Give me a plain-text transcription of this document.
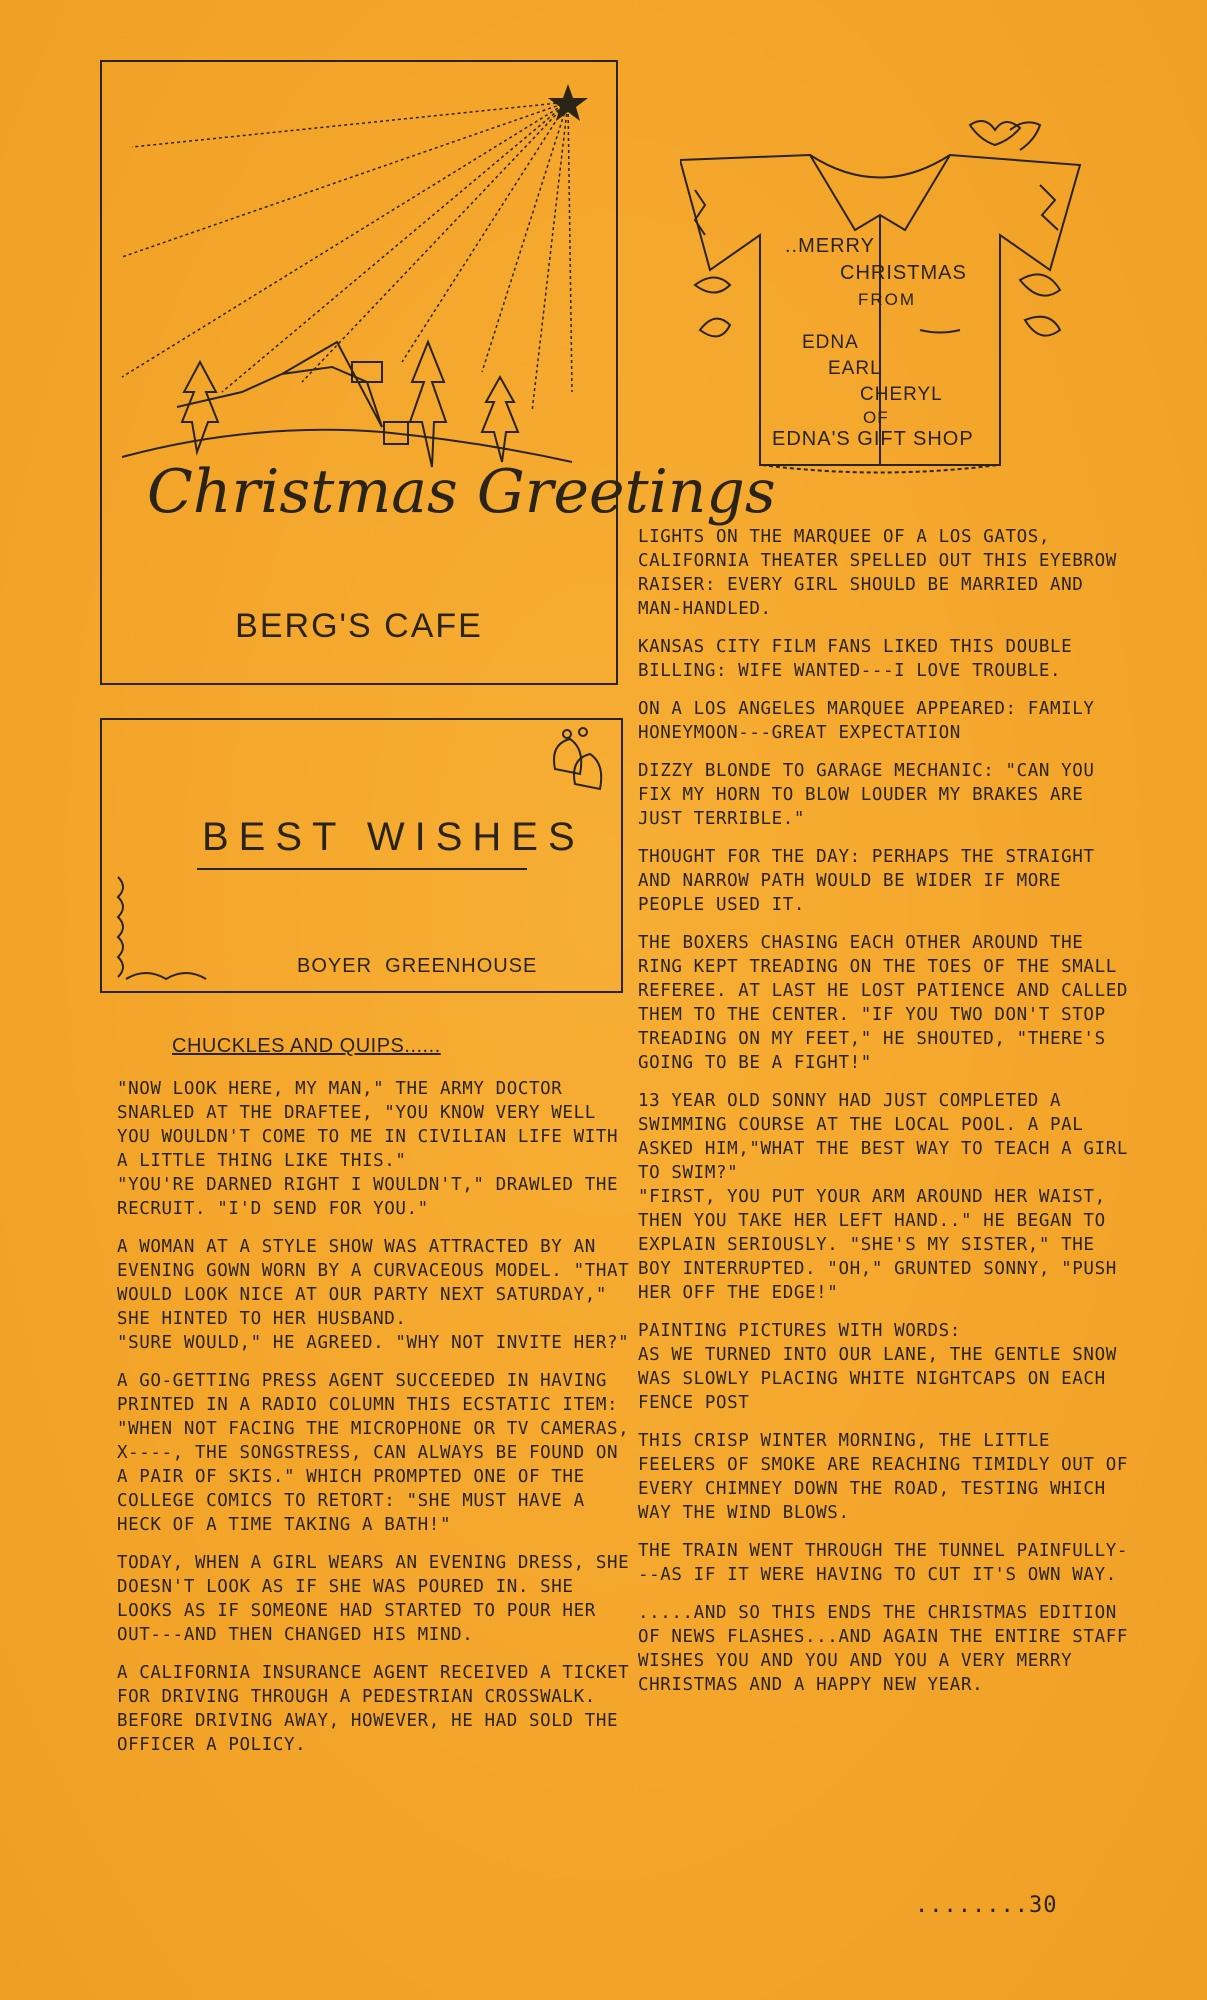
Christmas Greetings
BERG'S CAFE
..MERRY
CHRISTMAS
FROM
EDNA
EARL
CHERYL
OF
EDNA'S GIFT SHOP
BEST WISHES
BOYER  GREENHOUSE
CHUCKLES AND QUIPS......

"NOW LOOK HERE, MY MAN," THE ARMY DOCTOR SNARLED AT THE DRAFTEE, "YOU KNOW VERY WELL YOU WOULDN'T COME TO ME IN CIVILIAN LIFE WITH A LITTLE THING LIKE THIS."

"YOU'RE DARNED RIGHT I WOULDN'T," DRAWLED THE RECRUIT. "I'D SEND FOR YOU."

A WOMAN AT A STYLE SHOW WAS ATTRACTED BY AN EVENING GOWN WORN BY A CURVACEOUS MODEL. "THAT WOULD LOOK NICE AT OUR PARTY NEXT SATURDAY," SHE HINTED TO HER HUSBAND.

"SURE WOULD," HE AGREED. "WHY NOT INVITE HER?"

A GO-GETTING PRESS AGENT SUCCEEDED IN HAVING PRINTED IN A RADIO COLUMN THIS ECSTATIC ITEM: "WHEN NOT FACING THE MICROPHONE OR TV CAMERAS, X----, THE SONGSTRESS, CAN ALWAYS BE FOUND ON A PAIR OF SKIS." WHICH PROMPTED ONE OF THE COLLEGE COMICS TO RETORT: "SHE MUST HAVE A HECK OF A TIME TAKING A BATH!"

TODAY, WHEN A GIRL WEARS AN EVENING DRESS, SHE DOESN'T LOOK AS IF SHE WAS POURED IN. SHE LOOKS AS IF SOMEONE HAD STARTED TO POUR HER OUT---AND THEN CHANGED HIS MIND.

A CALIFORNIA INSURANCE AGENT RECEIVED A TICKET FOR DRIVING THROUGH A PEDESTRIAN CROSSWALK. BEFORE DRIVING AWAY, HOWEVER, HE HAD SOLD THE OFFICER A POLICY.

LIGHTS ON THE MARQUEE OF A LOS GATOS, CALIFORNIA THEATER SPELLED OUT THIS EYEBROW RAISER: EVERY GIRL SHOULD BE MARRIED AND MAN-HANDLED.

KANSAS CITY FILM FANS LIKED THIS DOUBLE BILLING: WIFE WANTED---I LOVE TROUBLE.

ON A LOS ANGELES MARQUEE APPEARED: FAMILY HONEYMOON---GREAT EXPECTATION

DIZZY BLONDE TO GARAGE MECHANIC: "CAN YOU FIX MY HORN TO BLOW LOUDER MY BRAKES ARE JUST TERRIBLE."

THOUGHT FOR THE DAY: PERHAPS THE STRAIGHT AND NARROW PATH WOULD BE WIDER IF MORE PEOPLE USED IT.

THE BOXERS CHASING EACH OTHER AROUND THE RING KEPT TREADING ON THE TOES OF THE SMALL REFEREE. AT LAST HE LOST PATIENCE AND CALLED THEM TO THE CENTER. "IF YOU TWO DON'T STOP TREADING ON MY FEET," HE SHOUTED, "THERE'S GOING TO BE A FIGHT!"

13 YEAR OLD SONNY HAD JUST COMPLETED A SWIMMING COURSE AT THE LOCAL POOL. A PAL ASKED HIM,"WHAT THE BEST WAY TO TEACH A GIRL TO SWIM?"

"FIRST, YOU PUT YOUR ARM AROUND HER WAIST, THEN YOU TAKE HER LEFT HAND.." HE BEGAN TO EXPLAIN SERIOUSLY. "SHE'S MY SISTER," THE BOY INTERRUPTED. "OH," GRUNTED SONNY, "PUSH HER OFF THE EDGE!"

PAINTING PICTURES WITH WORDS:

AS WE TURNED INTO OUR LANE, THE GENTLE SNOW WAS SLOWLY PLACING WHITE NIGHTCAPS ON EACH FENCE POST

THIS CRISP WINTER MORNING, THE LITTLE FEELERS OF SMOKE ARE REACHING TIMIDLY OUT OF EVERY CHIMNEY DOWN THE ROAD, TESTING WHICH WAY THE WIND BLOWS.

THE TRAIN WENT THROUGH THE TUNNEL PAINFULLY---AS IF IT WERE HAVING TO CUT IT'S OWN WAY.

.....AND SO THIS ENDS THE CHRISTMAS EDITION OF NEWS FLASHES...AND AGAIN THE ENTIRE STAFF WISHES YOU AND YOU AND YOU A VERY MERRY CHRISTMAS AND A HAPPY NEW YEAR.

........30
